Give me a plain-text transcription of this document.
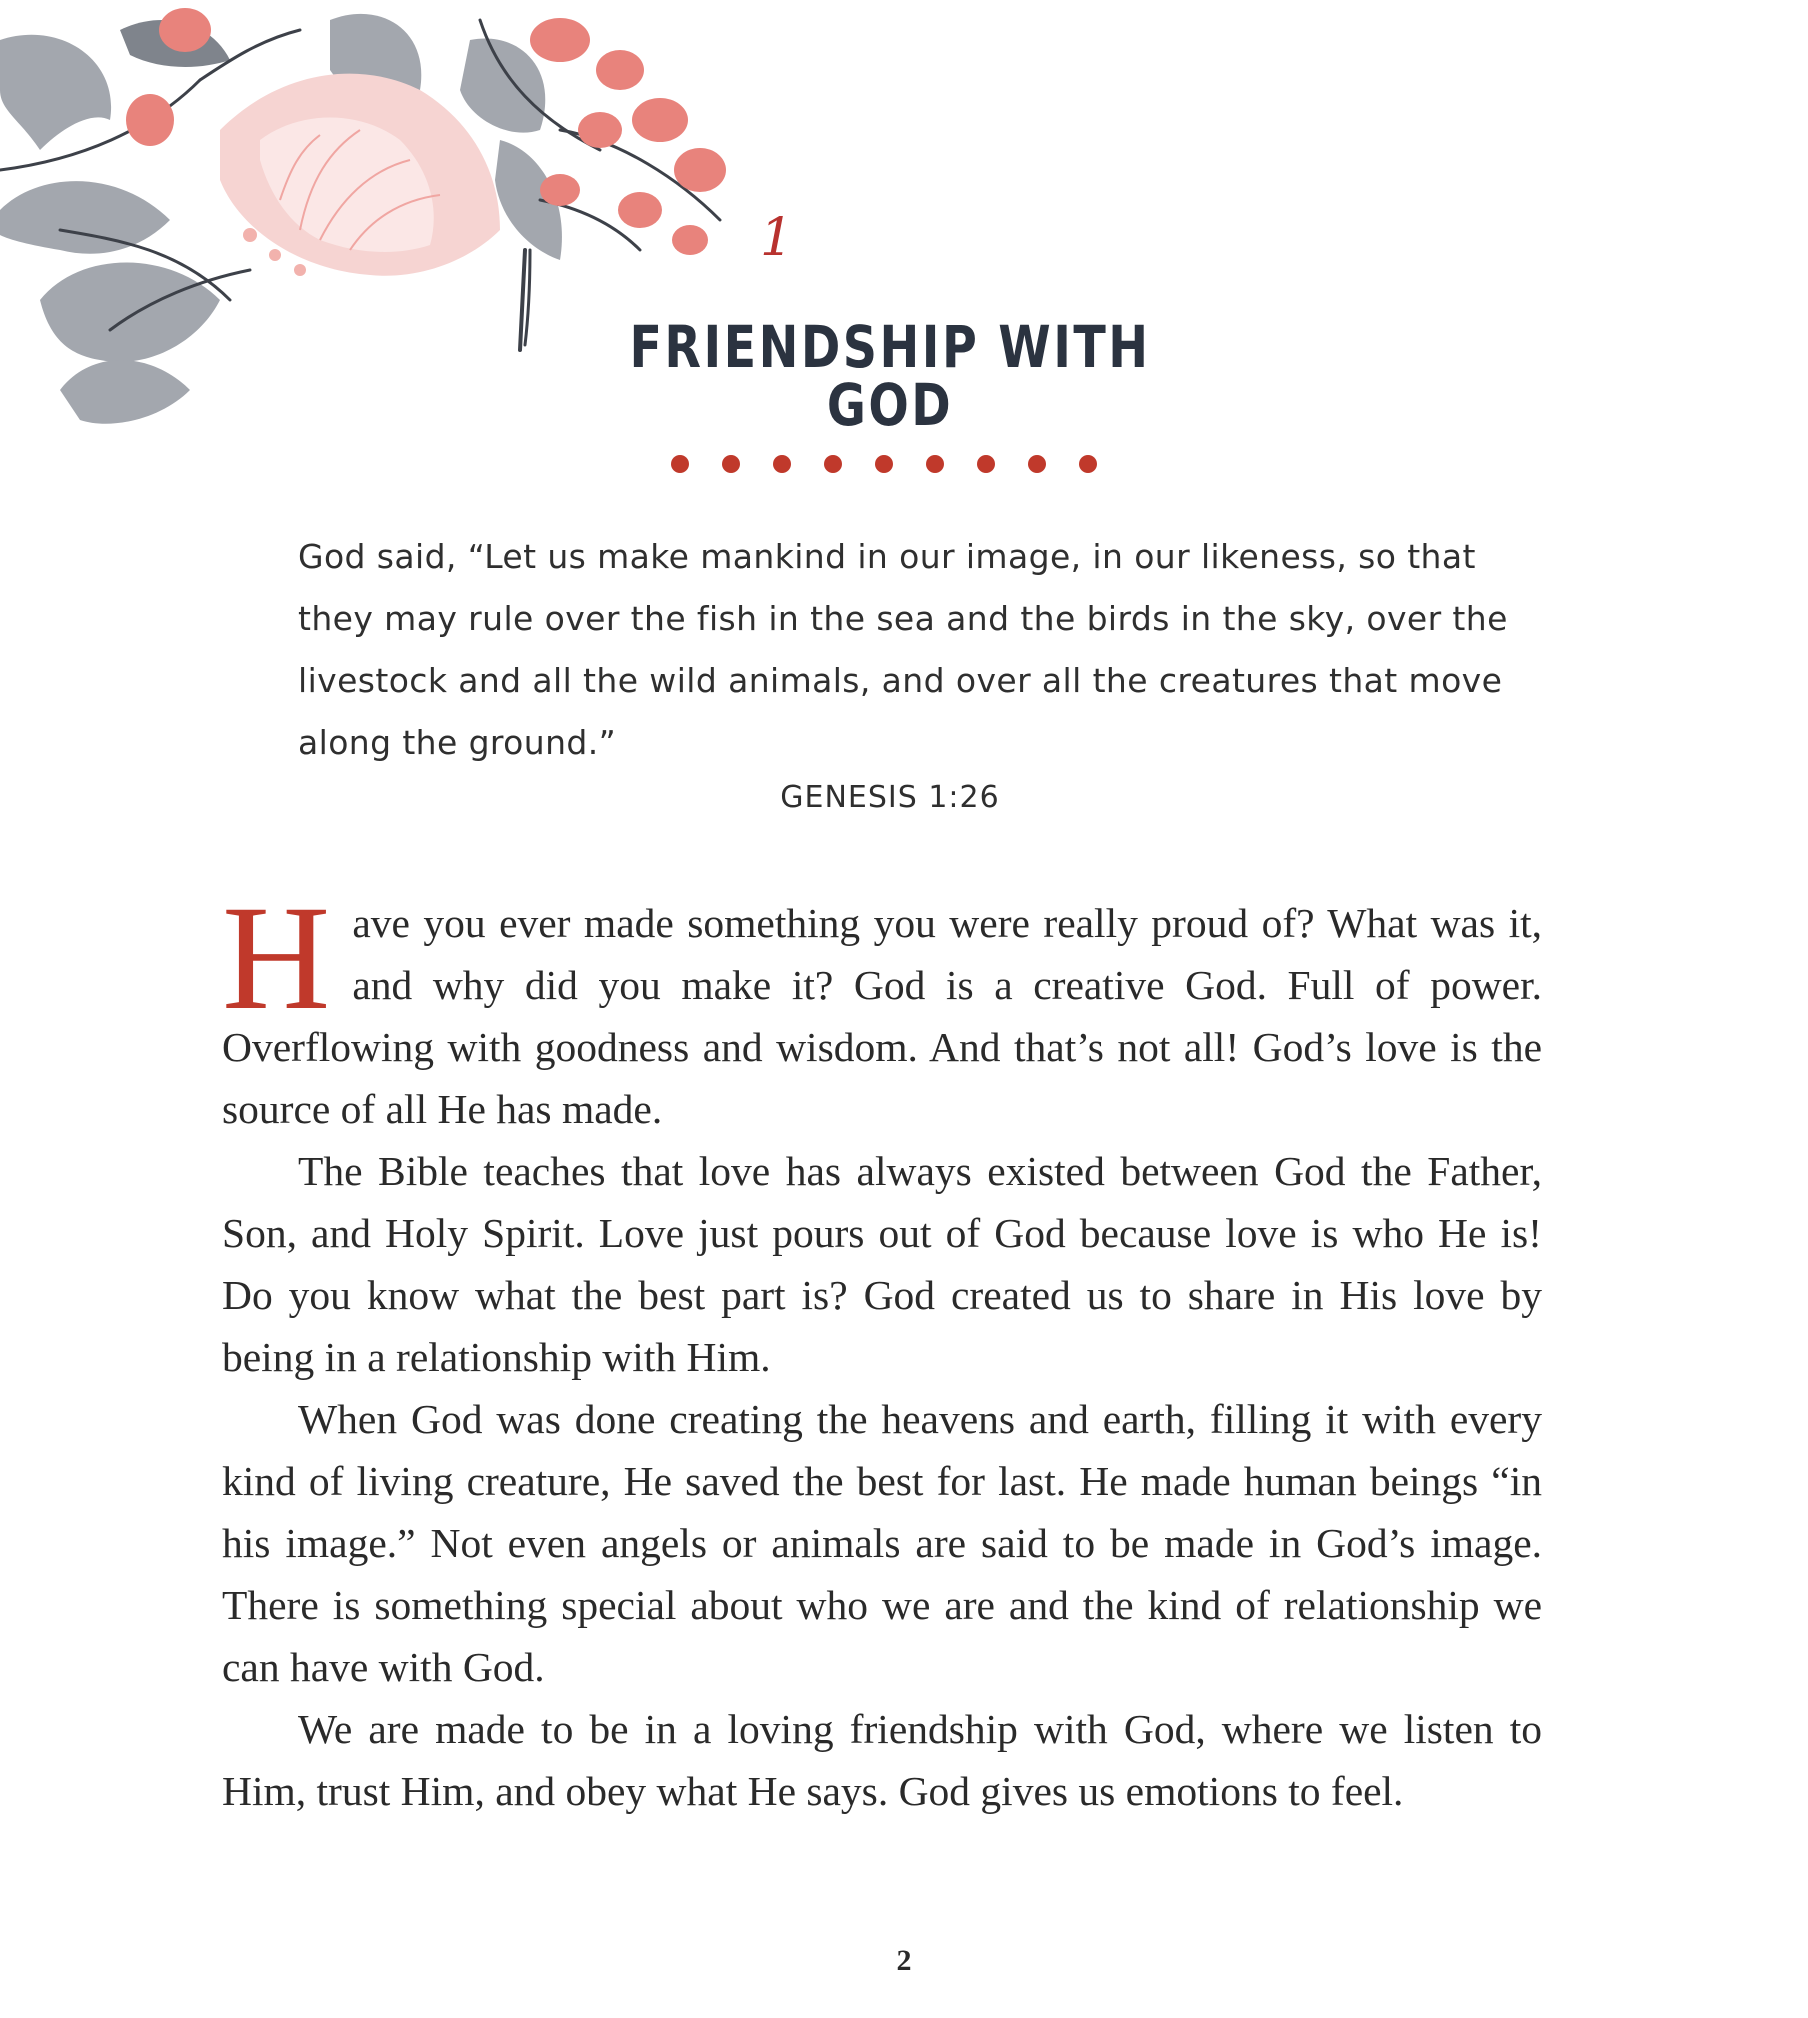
1
FRIENDSHIP WITH GOD
God said, “Let us make mankind in our image, in our likeness, so that they may rule over the fish in the sea and the birds in the sky, over the livestock and all the wild animals, and over all the creatures that move along the ground.”
GENESIS 1:26

Have you ever made something you were really proud of? What was it, and why did you make it? God is a creative God. Full of power. Overflowing with goodness and wisdom. And that’s not all! God’s love is the source of all He has made.

The Bible teaches that love has always existed between God the Father, Son, and Holy Spirit. Love just pours out of God because love is who He is! Do you know what the best part is? God created us to share in His love by being in a relationship with Him.

When God was done creating the heavens and earth, filling it with every kind of living creature, He saved the best for last. He made human beings “in his image.” Not even angels or animals are said to be made in God’s image. There is something special about who we are and the kind of relationship we can have with God.

We are made to be in a loving friendship with God, where we listen to Him, trust Him, and obey what He says. God gives us emotions to feel.

2
